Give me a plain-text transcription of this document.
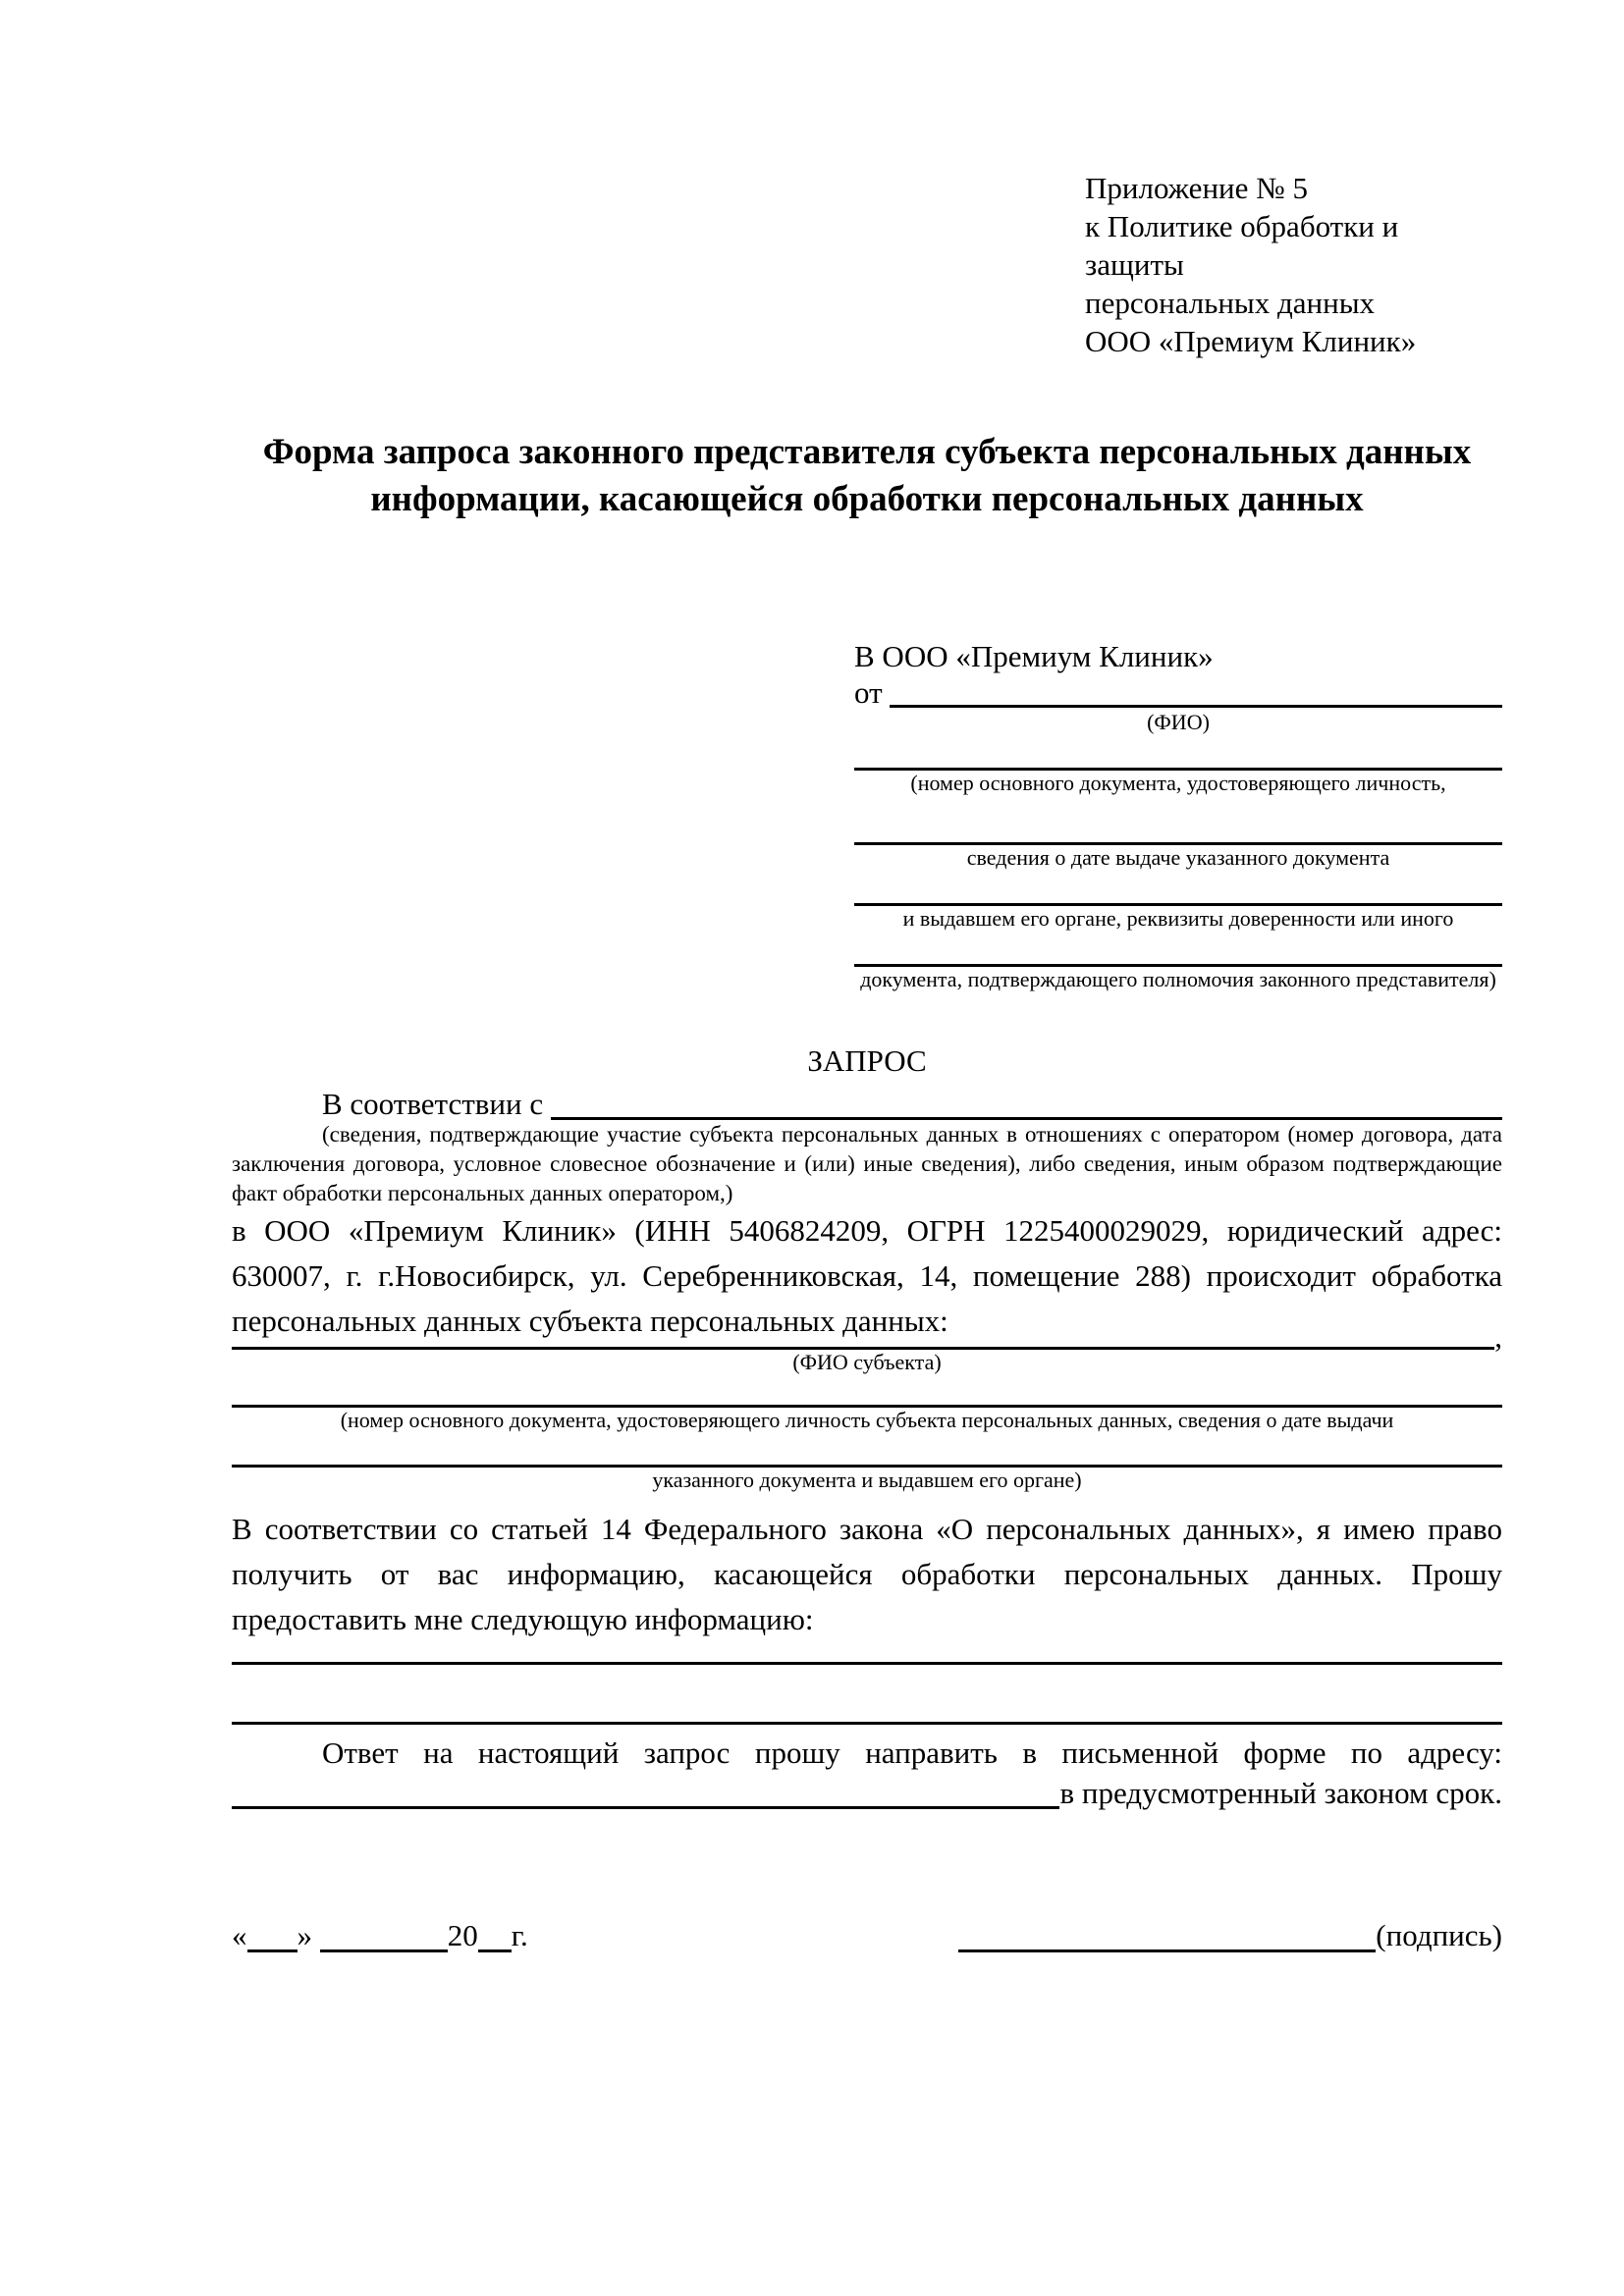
Приложение № 5
к Политике обработки и защиты
персональных данных
ООО «Премиум Клиник»
Форма запроса законного представителя субъекта персональных данных
информации, касающейся обработки персональных данных
В ООО «Премиум Клиник»
от
(ФИО)
(номер основного документа, удостоверяющего личность,
сведения о дате выдаче указанного документа
и выдавшем его органе, реквизиты доверенности или иного
документа, подтверждающего полномочия законного представителя)
ЗАПРОС
В соответствии с
(сведения, подтверждающие участие субъекта персональных данных в отношениях с оператором (номер договора, дата заключения договора, условное словесное обозначение и (или) иные сведения), либо сведения, иным образом подтверждающие факт обработки персональных данных оператором,)
в ООО «Премиум Клиник» (ИНН 5406824209, ОГРН 1225400029029, юридический адрес: 630007, г. г.Новосибирск, ул. Серебренниковская, 14, помещение 288) происходит обработка персональных данных субъекта персональных данных:	,
(ФИО субъекта)
(номер основного документа, удостоверяющего личность субъекта персональных данных, сведения о дате выдачи
указанного документа и выдавшем его органе)
В соответствии со статьей 14 Федерального закона «О персональных данных», я имею право получить от вас информацию, касающейся обработки персональных данных. Прошу предоставить мне следующую информацию:
Ответ на настоящий запрос прошу направить в письменной форме по адресу:
в предусмотренный законом срок.
« »	20 г.	(подпись)
